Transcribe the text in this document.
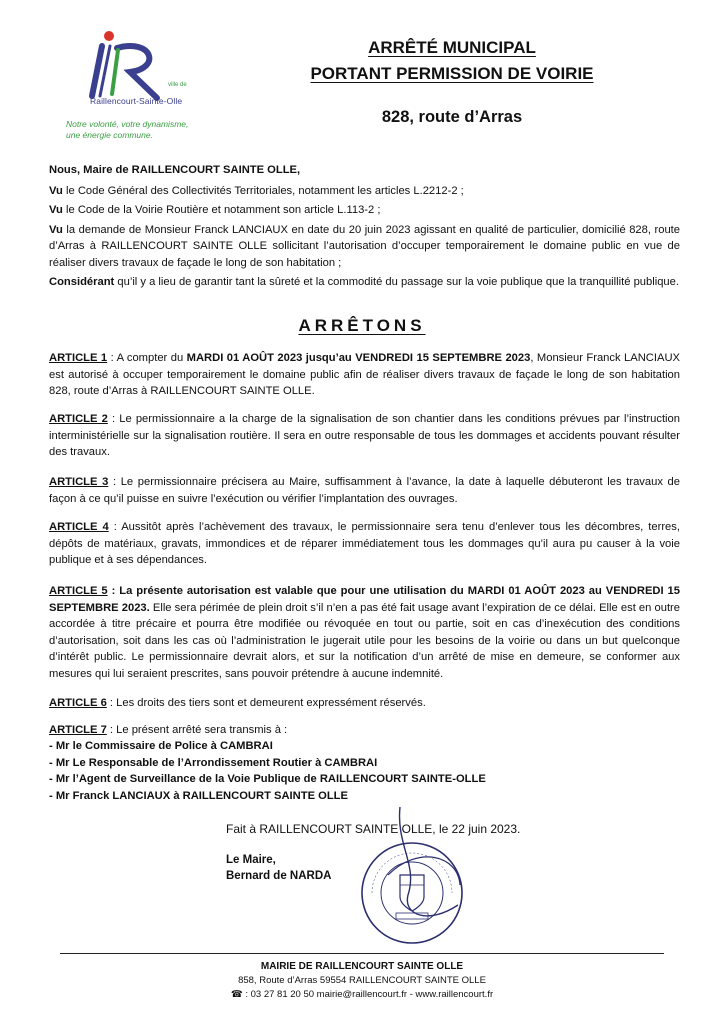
ville de
Raillencourt-Sainte-Olle
Notre volonté, votre dynamisme,
une énergie commune.
ARRÊTÉ MUNICIPAL
PORTANT PERMISSION DE VOIRIE
828, route d’Arras
Nous, Maire de RAILLENCOURT SAINTE OLLE,
Vu le Code Général des Collectivités Territoriales, notamment les articles L.2212-2 ;
Vu le Code de la Voirie Routière et notamment son article L.113-2 ;
Vu la demande de Monsieur Franck LANCIAUX en date du 20 juin 2023 agissant en qualité de particulier, domicilié 828, route d’Arras à RAILLENCOURT SAINTE OLLE sollicitant l’autorisation d’occuper temporairement le domaine public en vue de réaliser divers travaux de façade le long de son habitation ;
Considérant qu’il y a lieu de garantir tant la sûreté et la commodité du passage sur la voie publique que la tranquillité publique.
ARRÊTONS
ARTICLE 1 : A compter du MARDI 01 AOÛT 2023 jusqu’au VENDREDI 15 SEPTEMBRE 2023, Monsieur Franck LANCIAUX est autorisé à occuper temporairement le domaine public afin de réaliser divers travaux de façade le long de son habitation 828, route d’Arras à RAILLENCOURT SAINTE OLLE.
ARTICLE 2 : Le permissionnaire a la charge de la signalisation de son chantier dans les conditions prévues par l’instruction interministérielle sur la signalisation routière. Il sera en outre responsable de tous les dommages et accidents pouvant résulter des travaux.
ARTICLE 3 : Le permissionnaire précisera au Maire, suffisamment à l’avance, la date à laquelle débuteront les travaux de façon à ce qu’il puisse en suivre l’exécution ou vérifier l’implantation des ouvrages.
ARTICLE 4 : Aussitôt après l’achèvement des travaux, le permissionnaire sera tenu d’enlever tous les décombres, terres, dépôts de matériaux, gravats, immondices et de réparer immédiatement tous les dommages qu’il aura pu causer à la voie publique et à ses dépendances.
ARTICLE 5 : La présente autorisation est valable que pour une utilisation du MARDI 01 AOÛT 2023 au VENDREDI 15 SEPTEMBRE 2023. Elle sera périmée de plein droit s’il n’en a pas été fait usage avant l’expiration de ce délai. Elle est en outre accordée à titre précaire et pourra être modifiée ou révoquée en tout ou partie, soit en cas d’inexécution des conditions d’autorisation, soit dans les cas où l’administration le jugerait utile pour les besoins de la voirie ou dans un but quelconque d’intérêt public. Le permissionnaire devrait alors, et sur la notification d’un arrêté de mise en demeure, se conformer aux mesures qui lui seraient prescrites, sans pouvoir prétendre à aucune indemnité.
ARTICLE 6 : Les droits des tiers sont et demeurent expressément réservés.
ARTICLE 7 : Le présent arrêté sera transmis à :
- Mr le Commissaire de Police à CAMBRAI
- Mr Le Responsable de l’Arrondissement Routier à CAMBRAI
- Mr l’Agent de Surveillance de la Voie Publique de RAILLENCOURT SAINTE-OLLE
- Mr Franck LANCIAUX à RAILLENCOURT SAINTE OLLE
Fait à RAILLENCOURT SAINTE OLLE, le 22 juin 2023.
Le Maire,
Bernard de NARDA
MAIRIE DE RAILLENCOURT SAINTE OLLE
858, Route d’Arras 59554 RAILLENCOURT SAINTE OLLE
☎ : 03 27 81 20 50 mairie@raillencourt.fr - www.raillencourt.fr
